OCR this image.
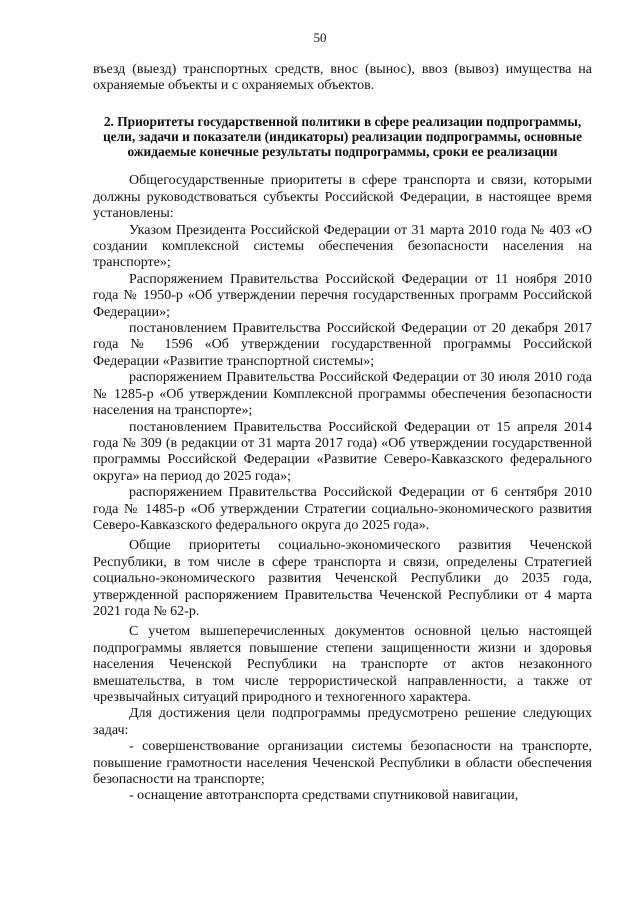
50

въезд (выезд) транспортных средств, внос (вынос), ввоз (вывоз) имущества на охраняемые объекты и с охраняемых объектов.

2. Приоритеты государственной политики в сфере реализации подпрограммы, цели, задачи и показатели (индикаторы) реализации подпрограммы, основные ожидаемые конечные результаты подпрограммы, сроки ее реализации

Общегосударственные приоритеты в сфере транспорта и связи, которыми должны руководствоваться субъекты Российской Федерации, в настоящее время установлены:

Указом Президента Российской Федерации от 31 марта 2010 года № 403 «О создании комплексной системы обеспечения безопасности населения на транспорте»;

Распоряжением Правительства Российской Федерации от 11 ноября 2010 года № 1950-р «Об утверждении перечня государственных программ Российской Федерации»;

постановлением Правительства Российской Федерации от 20 декабря 2017 года № 1596 «Об утверждении государственной программы Российской Федерации «Развитие транспортной системы»;

распоряжением Правительства Российской Федерации от 30 июля 2010 года № 1285-р «Об утверждении Комплексной программы обеспечения безопасности населения на транспорте»;

постановлением Правительства Российской Федерации от 15 апреля 2014 года № 309 (в редакции от 31 марта 2017 года) «Об утверждении государственной программы Российской Федерации «Развитие Северо-Кавказского федерального округа» на период до 2025 года»;

распоряжением Правительства Российской Федерации от 6 сентября 2010 года № 1485-р «Об утверждении Стратегии социально-экономического развития Северо-Кавказского федерального округа до 2025 года».

Общие приоритеты социально-экономического развития Чеченской Республики, в том числе в сфере транспорта и связи, определены Стратегией социально-экономического развития Чеченской Республики до 2035 года, утвержденной распоряжением Правительства Чеченской Республики от 4 марта 2021 года № 62-р.

С учетом вышеперечисленных документов основной целью настоящей подпрограммы является повышение степени защищенности жизни и здоровья населения Чеченской Республики на транспорте от актов незаконного вмешательства, в том числе террористической направленности, а также от чрезвычайных ситуаций природного и техногенного характера.

Для достижения цели подпрограммы предусмотрено решение следующих задач:

- совершенствование организации системы безопасности на транспорте, повышение грамотности населения Чеченской Республики в области обеспечения безопасности на транспорте;

- оснащение автотранспорта средствами спутниковой навигации,
